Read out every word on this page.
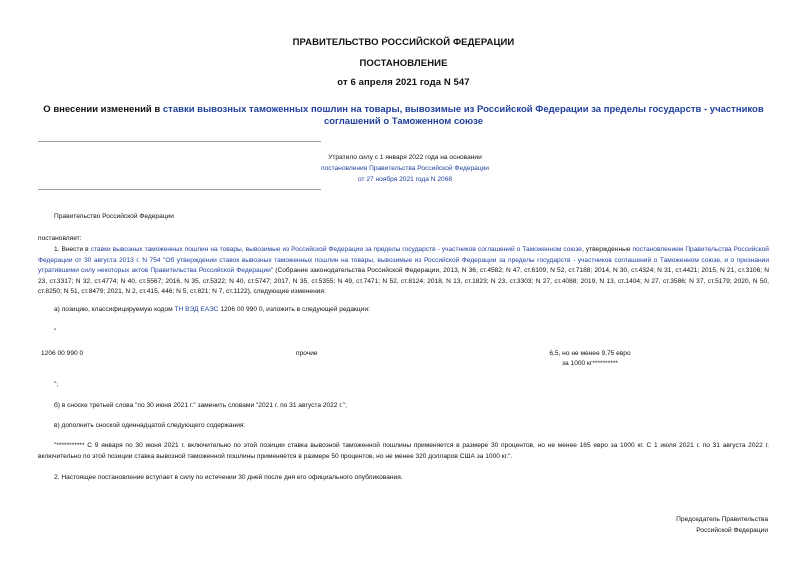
ПРАВИТЕЛЬСТВО РОССИЙСКОЙ ФЕДЕРАЦИИ
ПОСТАНОВЛЕНИЕ
от 6 апреля 2021 года N 547
О внесении изменений в ставки вывозных таможенных пошлин на товары, вывозимые из Российской Федерации за пределы государств - участников соглашений о Таможенном союзе
Утратило силу с 1 января 2022 года на основании
постановления Правительства Российской Федерации
от 27 ноября 2021 года N 2068
Правительство Российской Федерации
постановляет:
1. Внести в ставки вывозных таможенных пошлин на товары, вывозимые из Российской Федерации за пределы государств - участников соглашений о Таможенном союзе, утвержденные постановлением Правительства Российской Федерации от 30 августа 2013 г. N 754 "Об утверждении ставок вывозных таможенных пошлин на товары, вывозимые из Российской Федерации за пределы государств - участников соглашений о Таможенном союзе, и о признании утратившими силу некоторых актов Правительства Российской Федерации" (Собрание законодательства Российской Федерации, 2013, N 36, ст.4582; N 47, ст.6109; N 52, ст.7188; 2014, N 30, ст.4324; N 31, ст.4421; 2015, N 21, ст.3106; N 23, ст.3317; N 32, ст.4774; N 40, ст.5567; 2016, N 35, ст.5322; N 40, ст.5747; 2017, N 35, ст.5355; N 49, ст.7471; N 52, ст.8124; 2018, N 13, ст.1823; N 23, ст.3303; N 27, ст.4088; 2019, N 13, ст.1404; N 27, ст.3586; N 37, ст.5179; 2020, N 50, ст.8250; N 51, ст.8479; 2021, N 2, ст.415, 446; N 5, ст.821; N 7, ст.1122), следующие изменения:
а) позицию, классифицируемую кодом ТН ВЭД ЕАЭС 1206 00 990 0, изложить в следующей редакции:
"
1206 00 990 0	прочие	6,5, но не менее 9,75 евро
за 1000 кг**********
";
б) в сноске третьей слова "по 30 июня 2021 г." заменить словами "2021 г. по 31 августа 2022 г.";
в) дополнить сноской одиннадцатой следующего содержания:
"*********** С 9 января по 30 июня 2021 г. включительно по этой позиции ставка вывозной таможенной пошлины применяется в размере 30 процентов, но не менее 165 евро за 1000 кг. С 1 июля 2021 г. по 31 августа 2022 г. включительно по этой позиции ставка вывозной таможенной пошлины применяется в размере 50 процентов, но не менее 320 долларов США за 1000 кг.".
2. Настоящее постановление вступает в силу по истечении 30 дней после дня его официального опубликования.
Председатель Правительства
Российской Федерации
